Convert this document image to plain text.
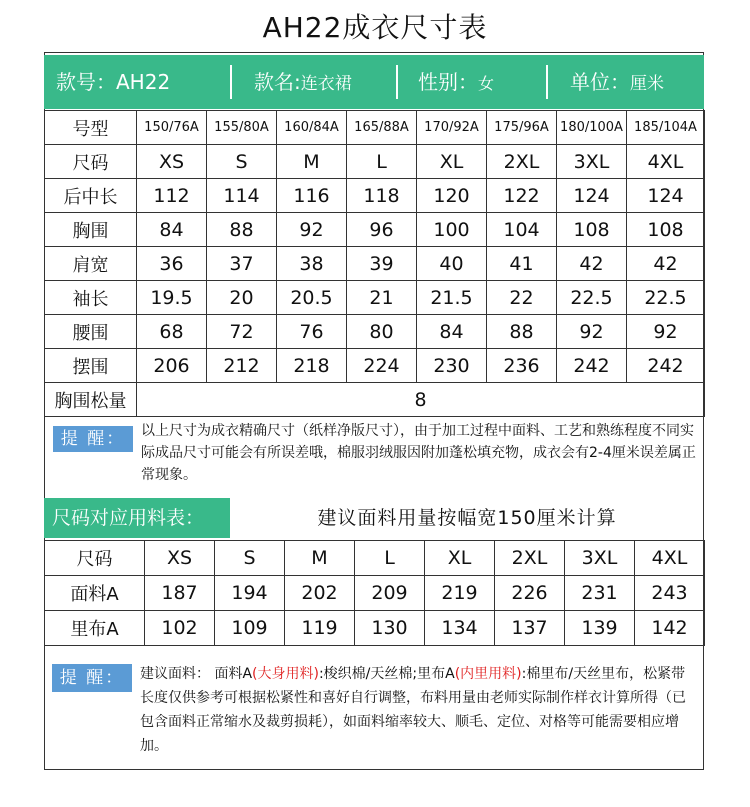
AH22成衣尺寸表
款号：AH22	款名:连衣裙	性别：女	单位：厘米
号型	150/76A	155/80A	160/84A	165/88A	170/92A	175/96A	180/100A	185/104A
尺码	XS	S	M	L	XL	2XL	3XL	4XL
后中长	112	114	116	118	120	122	124	124
胸围	84	88	92	96	100	104	108	108
肩宽	36	37	38	39	40	41	42	42
袖长	19.5	20	20.5	21	21.5	22	22.5	22.5
腰围	68	72	76	80	84	88	92	92
摆围	206	212	218	224	230	236	242	242
胸围松量	8							
提 醒：	以上尺寸为成衣精确尺寸（纸样净版尺寸），由于加工过程中面料、工艺和熟练程度不同实际成品尺寸可能会有所误差哦，棉服羽绒服因附加蓬松填充物，成衣会有2-4厘米误差属正常现象。
尺码对应用料表：	建议面料用量按幅宽150厘米计算
尺码	XS	S	M	L	XL	2XL	3XL	4XL
面料A	187	194	202	209	219	226	231	243
里布A	102	109	119	130	134	137	139	142
提 醒：	建议面料： 面料A(大身用料):梭织棉/天丝棉;里布A(内里用料):棉里布/天丝里布，松紧带长度仅供参考可根据松紧性和喜好自行调整，布料用量由老师实际制作样衣计算所得（已包含面料正常缩水及裁剪损耗），如面料缩率较大、顺毛、定位、对格等可能需要相应增加。
